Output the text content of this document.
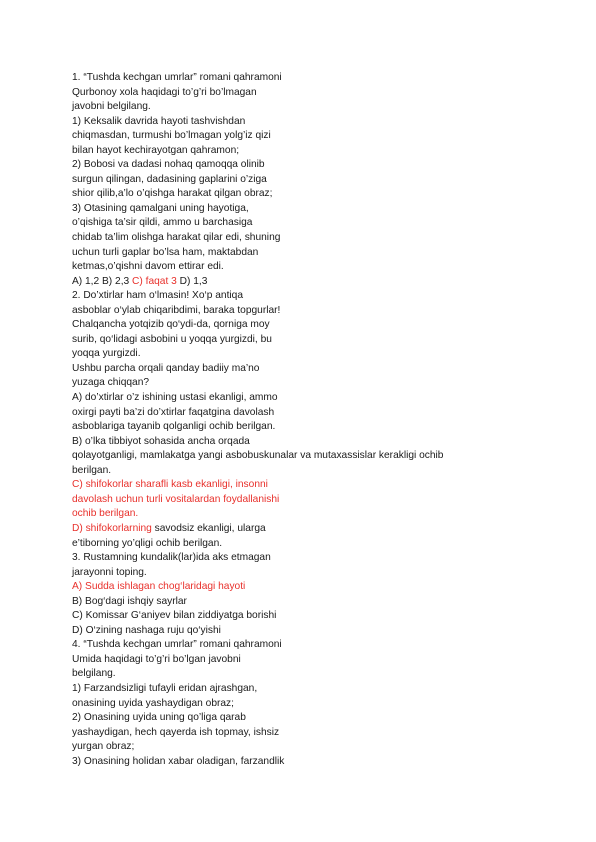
1. “Tushda kechgan umrlar” romani qahramoni
Qurbonoy xola haqidagi to’g’ri bo’lmagan
javobni belgilang.
1) Keksalik davrida hayoti tashvishdan
chiqmasdan, turmushi bo’lmagan yolg’iz qizi
bilan hayot kechirayotgan qahramon;
2) Bobosi va dadasi nohaq qamoqqa olinib
surgun qilingan, dadasining gaplarini o’ziga
shior qilib,a’lo o’qishga harakat qilgan obraz;
3) Otasining qamalgani uning hayotiga,
o’qishiga ta’sir qildi, ammo u barchasiga
chidab ta’lim olishga harakat qilar edi, shuning
uchun turli gaplar bo’lsa ham, maktabdan
ketmas,o’qishni davom ettirar edi.
A) 1,2 B) 2,3 C) faqat 3 D) 1,3
2. Do’xtirlar ham o‘lmasin! Xo‘p antiqa
asboblar o‘ylab chiqaribdimi, baraka topgurlar!
Chalqancha yotqizib qo‘ydi-da, qorniga moy
surib, qo‘lidagi asbobini u yoqqa yurgizdi, bu
yoqqa yurgizdi.
Ushbu parcha orqali qanday badiiy ma’no
yuzaga chiqqan?
A) do’xtirlar o’z ishining ustasi ekanligi, ammo
oxirgi payti ba’zi do’xtirlar faqatgina davolash
asboblariga tayanib qolganligi ochib berilgan.
B) o’lka tibbiyot sohasida ancha orqada
qolayotganligi, mamlakatga yangi asbobuskunalar va mutaxassislar kerakligi ochib
berilgan.
C) shifokorlar sharafli kasb ekanligi, insonni
davolash uchun turli vositalardan foydallanishi
ochib berilgan.
D) shifokorlarning savodsiz ekanligi, ularga
e’tiborning yo’qligi ochib berilgan.
3. Rustamning kundalik(lar)ida aks etmagan
jarayonni toping.
A) Sudda ishlagan chog‘laridagi hayoti
B) Bog‘dagi ishqiy sayrlar
C) Komissar G‘aniyev bilan ziddiyatga borishi
D) O‘zining nashaga ruju qo‘yishi
4. “Tushda kechgan umrlar” romani qahramoni
Umida haqidagi to’g’ri bo’lgan javobni
belgilang.
1) Farzandsizligi tufayli eridan ajrashgan,
onasining uyida yashaydigan obraz;
2) Onasining uyida uning qo’liga qarab
yashaydigan, hech qayerda ish topmay, ishsiz
yurgan obraz;
3) Onasining holidan xabar oladigan, farzandlik
